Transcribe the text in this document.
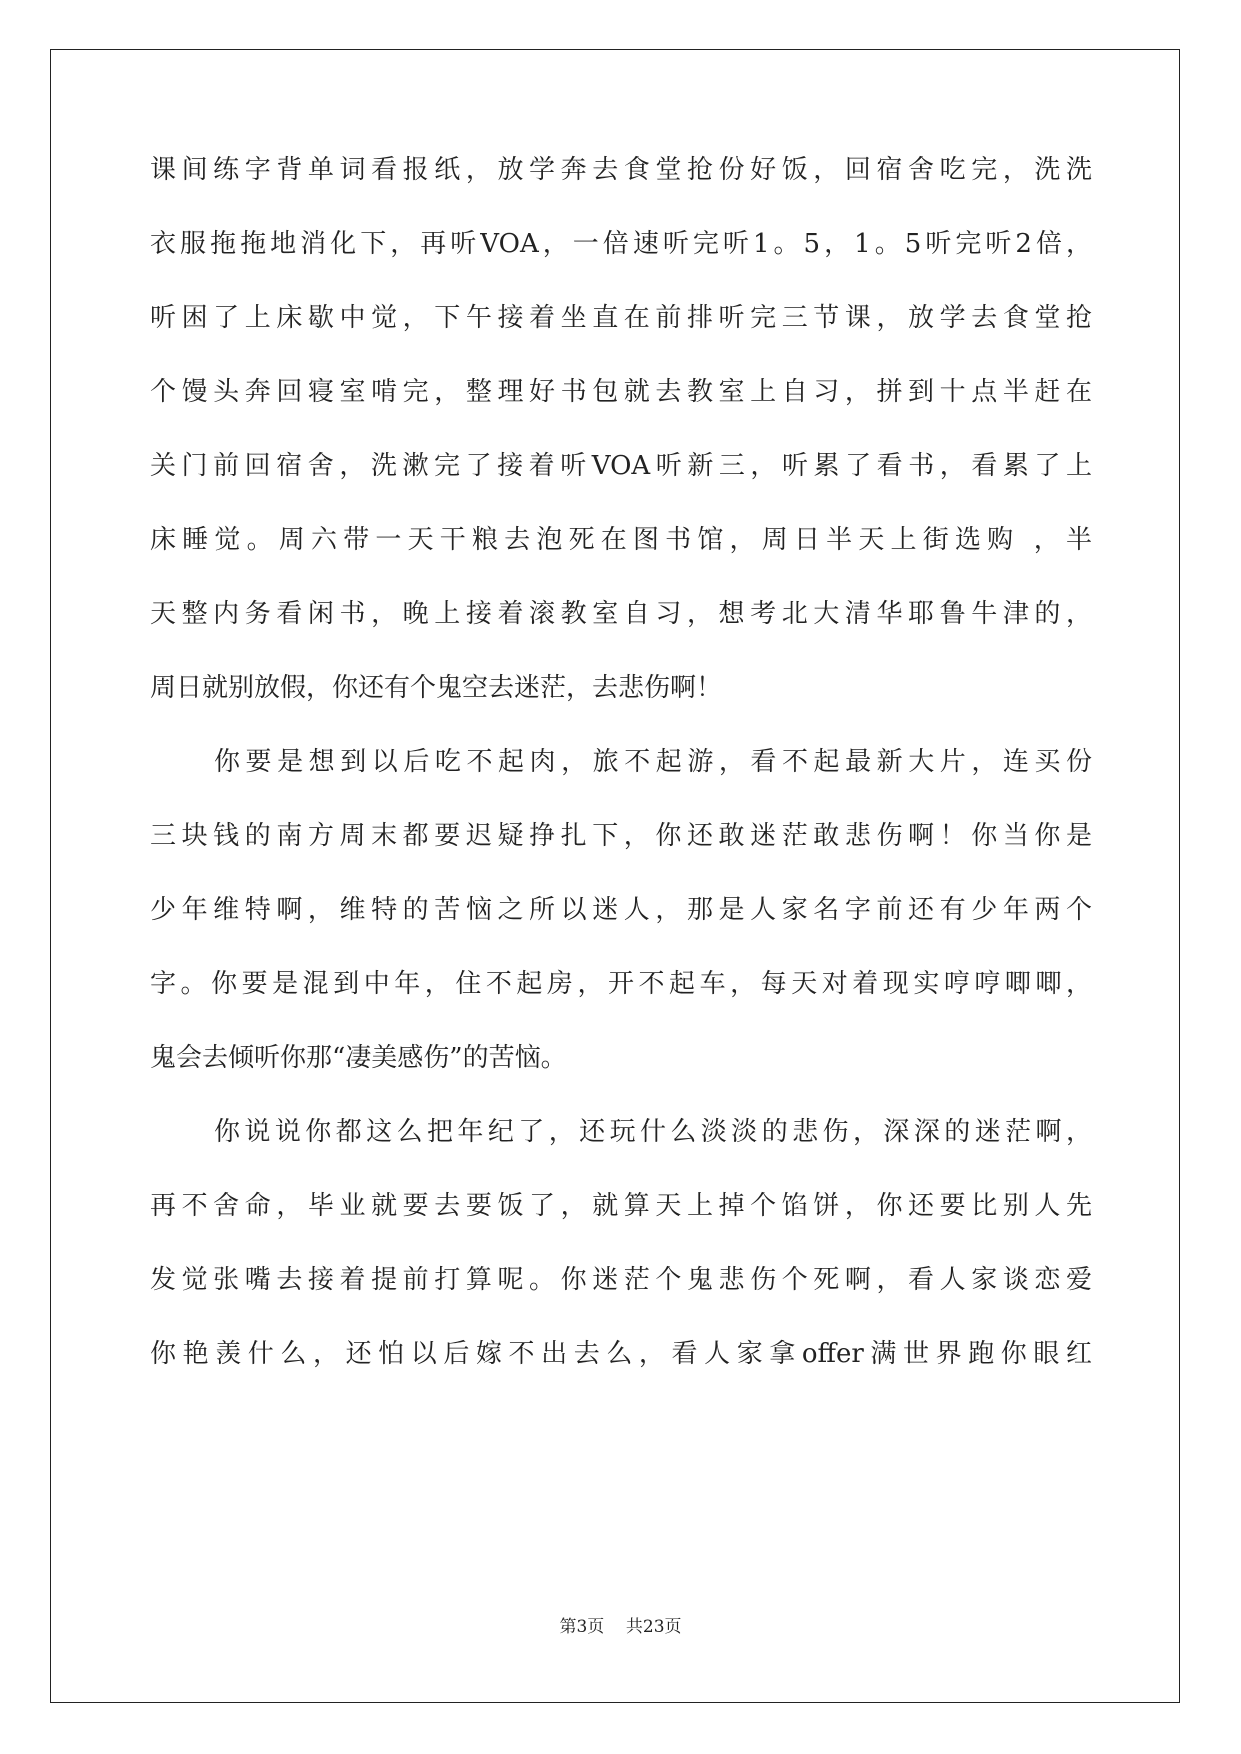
课间练字背单词看报纸，放学奔去食堂抢份好饭，回宿舍吃完，洗洗

衣服拖拖地消化下，再听VOA，一倍速听完听1。5，1。5听完听2倍，

听困了上床歇中觉，下午接着坐直在前排听完三节课，放学去食堂抢

个馒头奔回寝室啃完，整理好书包就去教室上自习，拼到十点半赶在

关门前回宿舍，洗漱完了接着听VOA听新三，听累了看书，看累了上

床睡觉。周六带一天干粮去泡死在图书馆，周日半天上街选购 ，半

天整内务看闲书，晚上接着滚教室自习，想考北大清华耶鲁牛津的，

周日就别放假，你还有个鬼空去迷茫，去悲伤啊！

你要是想到以后吃不起肉，旅不起游，看不起最新大片，连买份

三块钱的南方周末都要迟疑挣扎下，你还敢迷茫敢悲伤啊！你当你是

少年维特啊，维特的苦恼之所以迷人，那是人家名字前还有少年两个

字。你要是混到中年，住不起房，开不起车，每天对着现实哼哼唧唧，

鬼会去倾听你那“凄美感伤”的苦恼。

你说说你都这么把年纪了，还玩什么淡淡的悲伤，深深的迷茫啊，

再不舍命，毕业就要去要饭了，就算天上掉个馅饼，你还要比别人先

发觉张嘴去接着提前打算呢。你迷茫个鬼悲伤个死啊，看人家谈恋爱

你艳羡什么，还怕以后嫁不出去么，看人家拿offer满世界跑你眼红

第3页 共23页
